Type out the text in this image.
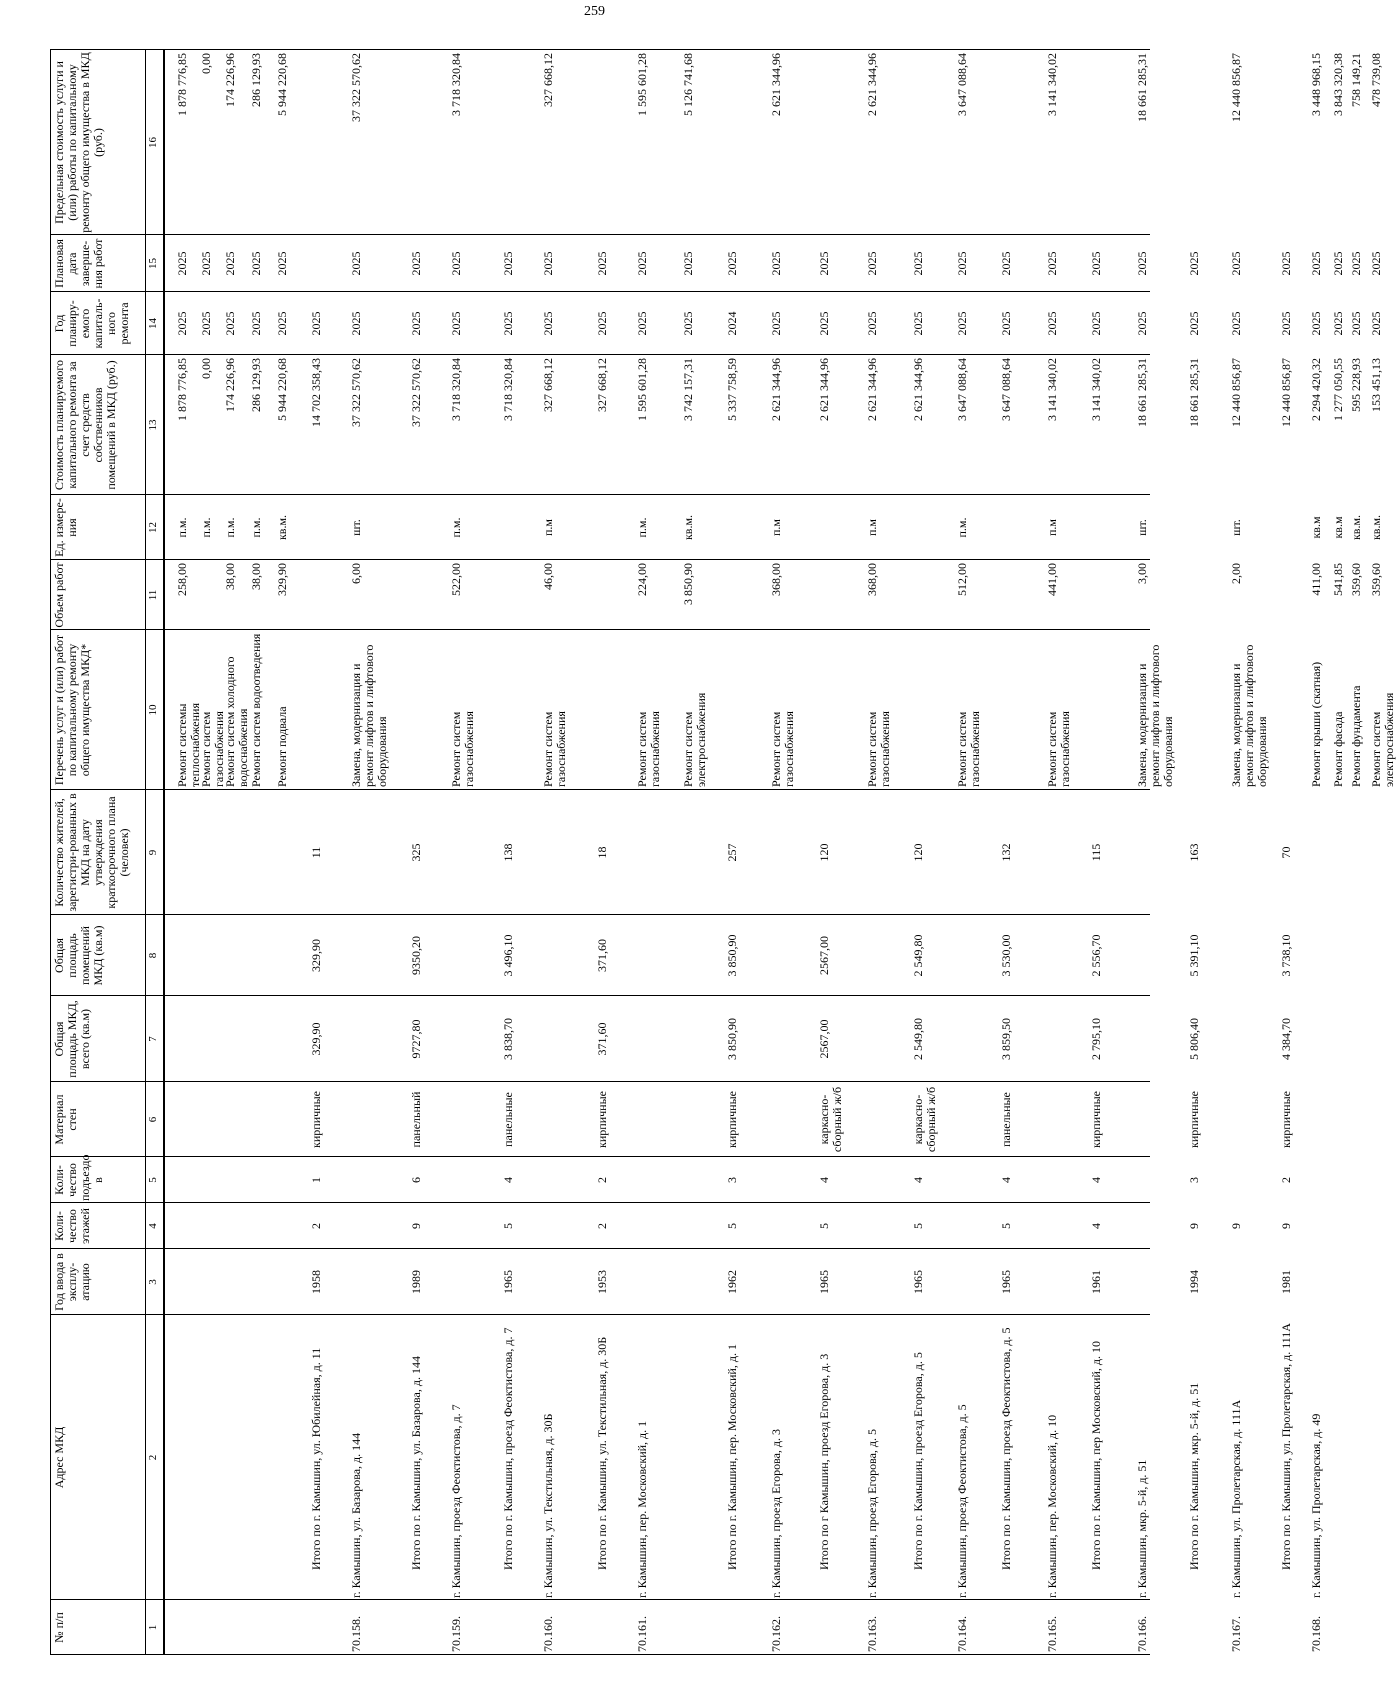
259
№ п/п
Адрес МКД
Год ввода в эксплу-атацию
Коли-чество этажей
Коли-чество подъездо в
Материал стен
Общая площадь МКД, всего (кв.м)
Общая площадь помещений МКД (кв.м)
Количество жителей, зарегистри-рованных в МКД на дату утверждения краткосрочного плана (человек)
Перечень услуг и (или) работ по капитальному ремонту общего имущества МКД*
Объем работ
Ед. измере-ния
Стоимость планируемого капитального ремонта за счет средств собственников помещений в МКД (руб.)
Год планиру-емого капиталь-ного ремонта
Плановая дата заверше-ния работ
Предельная стоимость услуги и (или) работы по капитальному ремонту общего имущества в МКД (руб.)
1
2
3
4
5
6
7
8
9
10
11
12
13
14
15
16
Ремонт системы теплоснабжения
258,00
п.м.
1 878 776,85
2025
2025
1 878 776,85
Ремонт систем газоснабжения
п.м.
0,00
2025
2025
0,00
Ремонт систем холодного водоснабжения
38,00
п.м.
174 226,96
2025
2025
174 226,96
Ремонт систем водоотведения
38,00
п.м.
286 129,93
2025
2025
286 129,93
Ремонт подвала
329,90
кв.м.
5 944 220,68
2025
2025
5 944 220,68
Итого по г. Камышин, ул. Юбилейная, д. 11
1958
2
1
кирпичные
329,90
329,90
11
14 702 358,43
2025
70.158.
г. Камышин, ул. Базарова, д. 144
Замена, модернизация и ремонт лифтов и лифтового оборудования
6,00
шт.
37 322 570,62
2025
2025
37 322 570,62
Итого по г. Камышин, ул. Базарова, д. 144
1989
9
6
панельный
9727,80
9350,20
325
37 322 570,62
2025
2025
70.159.
г. Камышин, проезд Феоктистова, д. 7
Ремонт систем газоснабжения
522,00
п.м.
3 718 320,84
2025
2025
3 718 320,84
Итого по г. Камышин, проезд Феоктистова, д. 7
1965
5
4
панельные
3 838,70
3 496,10
138
3 718 320,84
2025
2025
70.160.
г. Камышин, ул. Текстильная, д. 30Б
Ремонт систем газоснабжения
46,00
п.м
327 668,12
2025
2025
327 668,12
Итого по г. Камышин, ул. Текстильная, д. 30Б
1953
2
2
кирпичные
371,60
371,60
18
327 668,12
2025
2025
70.161.
г. Камышин, пер. Московский, д. 1
Ремонт систем газоснабжения
224,00
п.м.
1 595 601,28
2025
2025
1 595 601,28
Ремонт систем электроснабжения
3 850,90
кв.м.
3 742 157,31
2025
2025
5 126 741,68
Итого по г. Камышин, пер. Московский, д. 1
1962
5
3
кирпичные
3 850,90
3 850,90
257
5 337 758,59
2024
2025
70.162.
г. Камышин, проезд Егорова, д. 3
Ремонт систем газоснабжения
368,00
п.м
2 621 344,96
2025
2025
2 621 344,96
Итого по г Камышин, проезд Егорова, д. 3
1965
5
4
каркасно-сборный ж/б
2567,00
2567,00
120
2 621 344,96
2025
2025
70.163.
г. Камышин, проезд Егорова, д. 5
Ремонт систем газоснабжения
368,00
п.м
2 621 344,96
2025
2025
2 621 344,96
Итого по г. Камышин, проезд Егорова, д. 5
1965
5
4
каркасно-сборный ж/б
2 549,80
2 549,80
120
2 621 344,96
2025
2025
70.164.
г. Камышин, проезд Феоктистова, д. 5
Ремонт систем газоснабжения
512,00
п.м.
3 647 088,64
2025
2025
3 647 088,64
Итого по г. Камышин, проезд Феоктистова, д. 5
1965
5
4
панельные
3 859,50
3 530,00
132
3 647 088,64
2025
2025
70.165.
г. Камышин, пер. Московский, д. 10
Ремонт систем газоснабжения
441,00
п.м
3 141 340,02
2025
2025
3 141 340,02
Итого по г. Камышин, пер Московский, д. 10
1961
4
4
кирпичные
2 795,10
2 556,70
115
3 141 340,02
2025
2025
70.166.
г. Камышин, мкр. 5-й, д. 51
Замена, модернизация и ремонт лифтов и лифтового оборудования
3,00
шт.
18 661 285,31
2025
2025
18 661 285,31
Итого по г. Камышин, мкр. 5-й, д. 51
1994
9
3
кирпичные
5 806,40
5 391,10
163
18 661 285,31
2025
2025
70.167.
г. Камышин, ул. Пролетарская, д. 111А
9
Замена, модернизация и ремонт лифтов и лифтового оборудования
2,00
шт.
12 440 856,87
2025
2025
12 440 856,87
Итого по г. Камышин, ул. Пролетарская, д. 111А
1981
9
2
кирпичные
4 384,70
3 738,10
70
12 440 856,87
2025
2025
70.168.
г. Камышин, ул. Пролетарская, д. 49
Ремонт крыши (скатная)
411,00
кв.м
2 294 420,32
2025
2025
3 448 968,15
Ремонт фасада
541,85
кв.м
1 277 050,55
2025
2025
3 843 320,38
Ремонт фундамента
359,60
кв.м.
595 228,93
2025
2025
758 149,21
Ремонт систем электроснабжения
359,60
кв.м.
153 451,13
2025
2025
478 739,08
